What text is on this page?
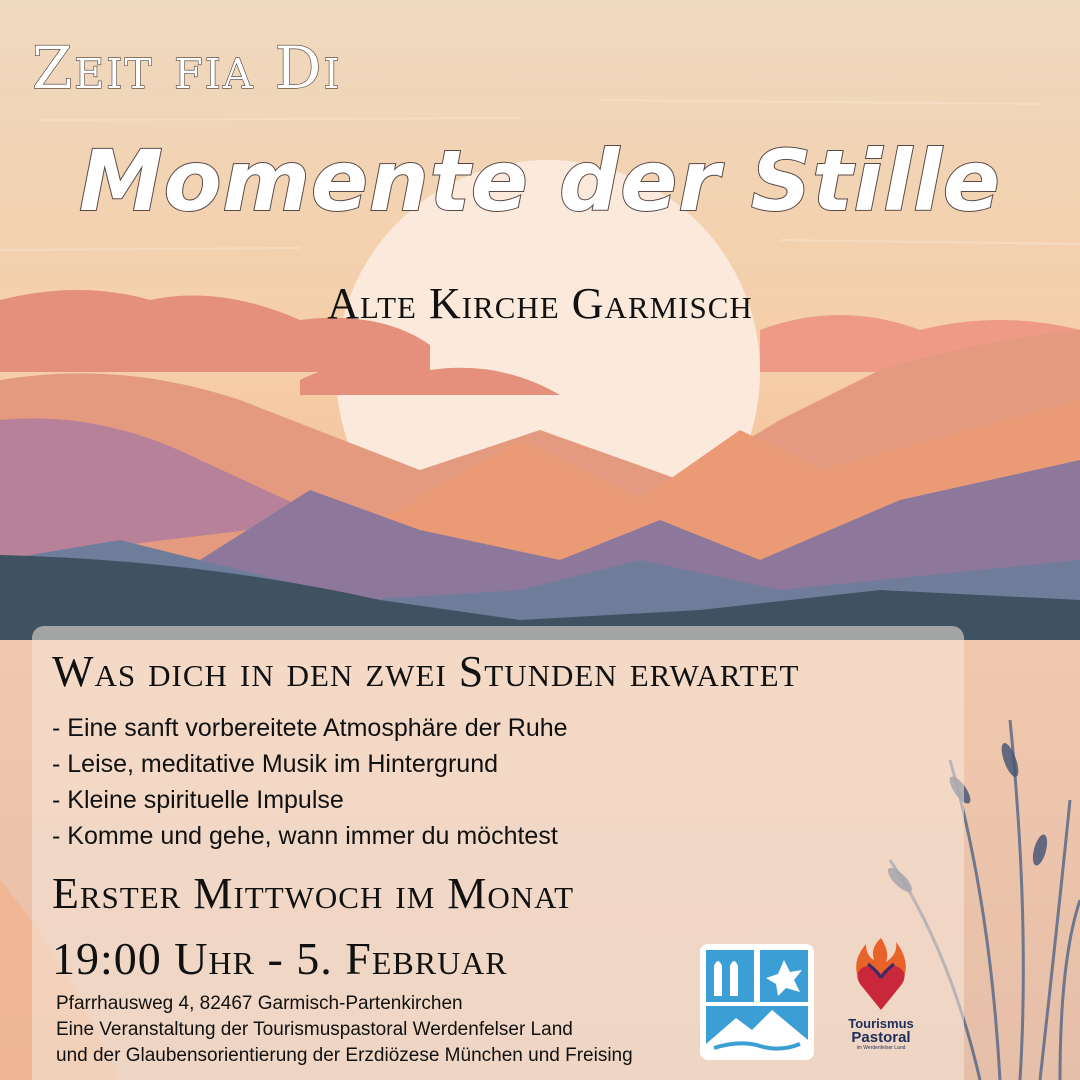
Zeit fia Di
Momente der Stille
Alte Kirche Garmisch
Was dich in den zwei Stunden erwartet
- Eine sanft vorbereitete Atmosphäre der Ruhe
- Leise, meditative Musik im Hintergrund
- Kleine spirituelle Impulse
- Komme und gehe, wann immer du möchtest
Erster Mittwoch im Monat
19:00 Uhr - 5. Februar
Pfarrhausweg 4, 82467 Garmisch-Partenkirchen
Eine Veranstaltung der Tourismuspastoral Werdenfelser Land
und der Glaubensorientierung der Erzdiözese München und Freising
Tourismus
Pastoral
im Werdenfelser Land
